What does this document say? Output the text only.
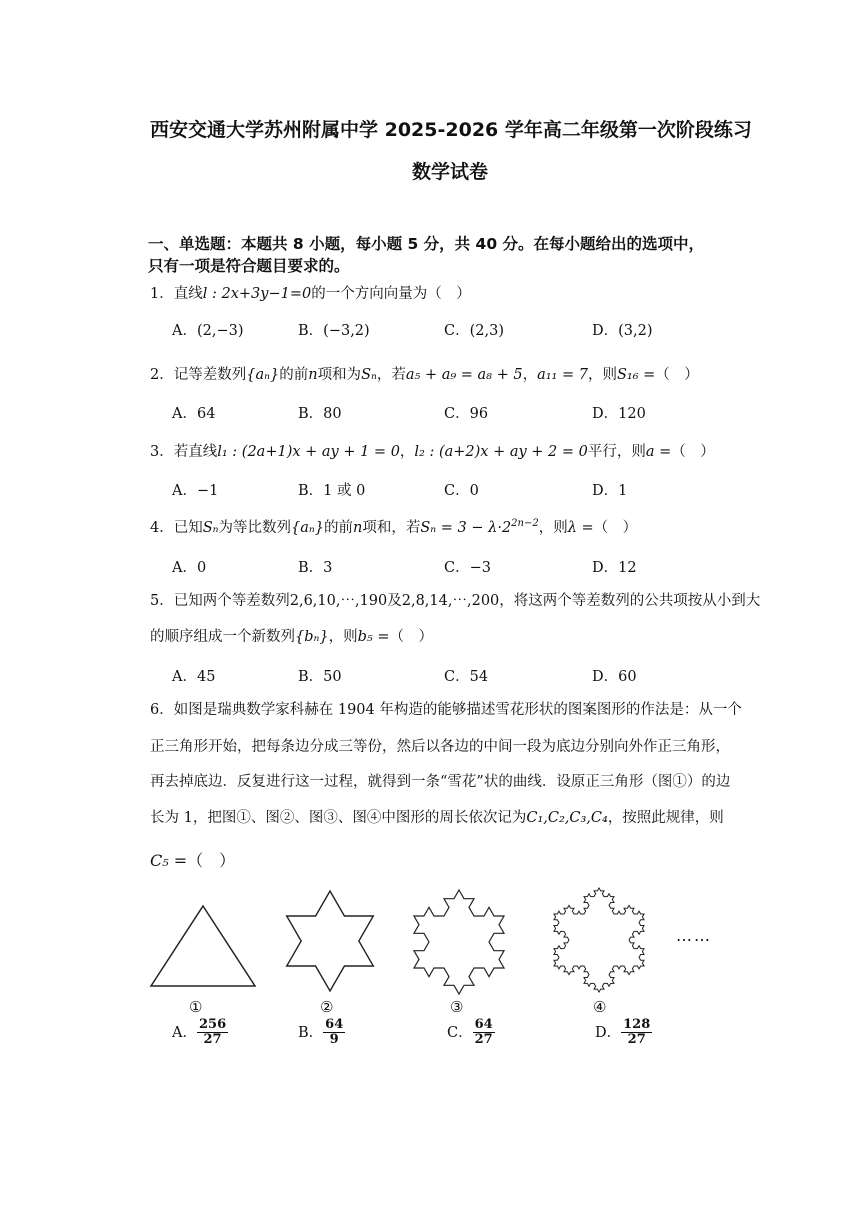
西安交通大学苏州附属中学 2025-2026 学年高二年级第一次阶段练习
数学试卷
一、单选题：本题共 8 小题，每小题 5 分，共 40 分。在每小题给出的选项中，
只有一项是符合题目要求的。
1．直线l : 2x+3y−1=0的一个方向向量为（　）
A．(2,−3)	B．(−3,2)	C．(2,3)	D．(3,2)
2．记等差数列{aₙ}的前n项和为Sₙ，若a₅ + a₉ = a₈ + 5，a₁₁ = 7，则S₁₆ =（　）
A．64	B．80	C．96	D．120
3．若直线l₁ : (2a+1)x + ay + 1 = 0，l₂ : (a+2)x + ay + 2 = 0平行，则a =（　）
A．−1	B．1 或 0	C．0	D．1
4．已知Sₙ为等比数列{aₙ}的前n项和，若$S_n = 3 - \lambda\cdot 2^{2n-2}$，则λ =（　）
A．0	B．3	C．−3	D．12
5．已知两个等差数列2,6,10,⋯,190及2,8,14,⋯,200，将这两个等差数列的公共项按从小到大
的顺序组成一个新数列{bₙ}，则b₅ =（　）
A．45	B．50	C．54	D．60
6．如图是瑞典数学家科赫在 1904 年构造的能够描述雪花形状的图案图形的作法是：从一个
正三角形开始，把每条边分成三等份，然后以各边的中间一段为底边分别向外作正三角形，
再去掉底边．反复进行这一过程，就得到一条“雪花”状的曲线．设原正三角形（图①）的边
长为 1，把图①、图②、图③、图④中图形的周长依次记为C₁,C₂,C₃,C₄，按照此规律，则
C₅ =（　）
……
①	②	③	④
A． $\frac{256}{27}$	B． $\frac{64}{9}$	C． $\frac{64}{27}$	D． $\frac{128}{27}$
